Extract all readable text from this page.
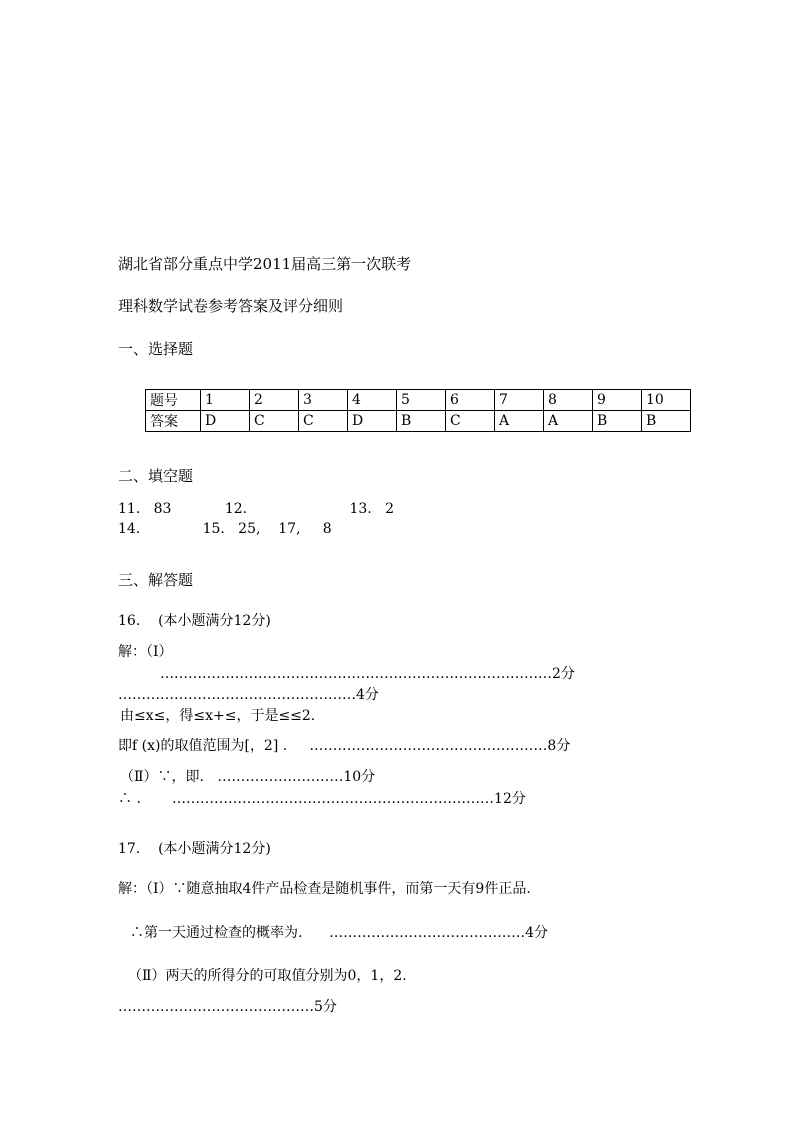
湖北省部分重点中学2011届高三第一次联考
理科数学试卷参考答案及评分细则
一、选择题
题号	1	2	3	4	5	6	7	8	9	10
答案	D	C	C	D	B	C	A	A	B	B
二、填空题
11.   83            12.                       13.   2
14.              15.   25,    17,     8
三、解答题
16.    (本小题满分12分)
解：（Ⅰ）
…………………………………………………………………………2分
……………………………………………4分
由≤x≤，得≤x+≤，于是≤≤2.
即f (x)的取值范围为[，2] .     ……………………………………………8分
（Ⅱ）∵，即.   ………………………10分
∴ .       ……………………………………………………………12分
17.    (本小题满分12分)
解：（Ⅰ）∵随意抽取4件产品检查是随机事件，而第一天有9件正品.
∴第一天通过检查的概率为.      ……………………………………4分
（Ⅱ）两天的所得分的可取值分别为0，1，2.
……………………………………5分
